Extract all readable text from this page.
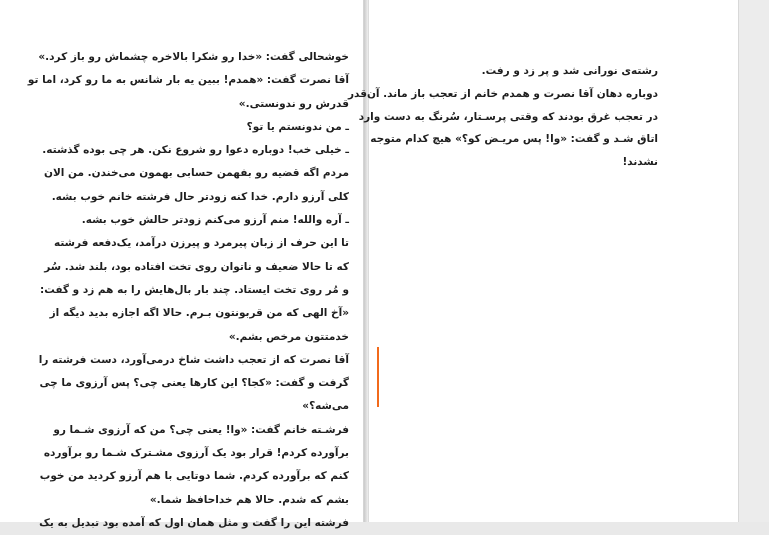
خوشحالی گفت: «خدا رو شکرا بالاخره چشماش رو باز کرد.»
آقا نصرت گفت: «همدم! ببین یه بار شانس به ما رو کرد، اما تو
قدرش رو ندونستی.»
ـ من ندونستم یا تو؟
ـ خیلی خب! دوباره دعوا رو شروع نکن. هر چی بوده گذشته.
مردم اگه قضیه رو بفهمن حسابی بهمون می‌خندن. من الان
کلی آرزو دارم. خدا کنه زودتر حال فرشته خانم خوب بشه.
ـ آره والله! منم آرزو می‌کنم زودتر حالش خوب بشه.
تا این حرف از زبان پیرمرد و پیرزن درآمد، یک‌دفعه فرشته
که تا حالا ضعیف و ناتوان روی تخت افتاده بود، بلند شد. سُر
و مُر روی تخت ایستاد. چند بار بال‌هایش را به هم زد و گفت:
«آخ الهی که من قربونتون بـرم. حالا اگه اجازه بدید دیگه از
خدمتتون مرخص بشم.»
آقا نصرت که از تعجب داشت شاخ درمی‌آورد، دست فرشته را
گرفت و گفت: «کجا؟ این کارها یعنی چی؟ پس آرزوی ما چی
می‌شه؟»
فرشـته خانم گفت: «وا! یعنی چی؟ من که آرزوی شـما رو
برآورده کردم! قرار بود یک آرزوی مشـترک شـما رو برآورده
کنم که برآورده کردم. شما دوتایی با هم آرزو کردید من خوب
بشم که شدم. حالا هم خداحافظ شما.»
فرشته این را گفت و مثل همان اول که آمده بود تبدیل به یک
رشته‌ی نورانی شد و پر زد و رفت.
دوباره دهان آقا نصرت و همدم خانم از تعجب باز ماند. آن‌قدر
در تعجب غرق بودند که وقتی پرسـتار، سُرنگ به دست وارد
اتاق شـد و گفت: «وا! پس مریـض کو؟» هیچ کدام متوجه
نشدند!
